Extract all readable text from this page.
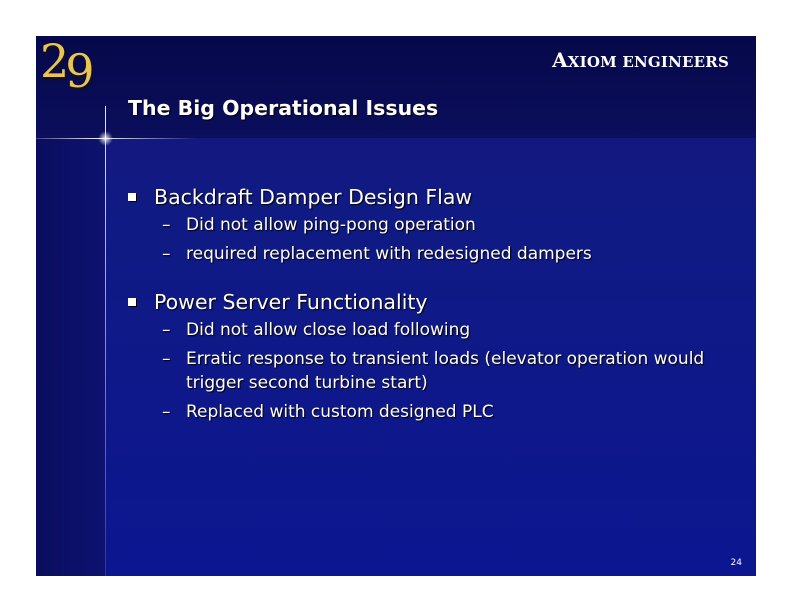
29	AXIOM ENGINEERS
The Big Operational Issues
Backdraft Damper Design Flaw
– Did not allow ping-pong operation
– required replacement with redesigned dampers
Power Server Functionality
– Did not allow close load following
– Erratic response to transient loads (elevator operation would trigger second turbine start)
– Replaced with custom designed PLC
24
